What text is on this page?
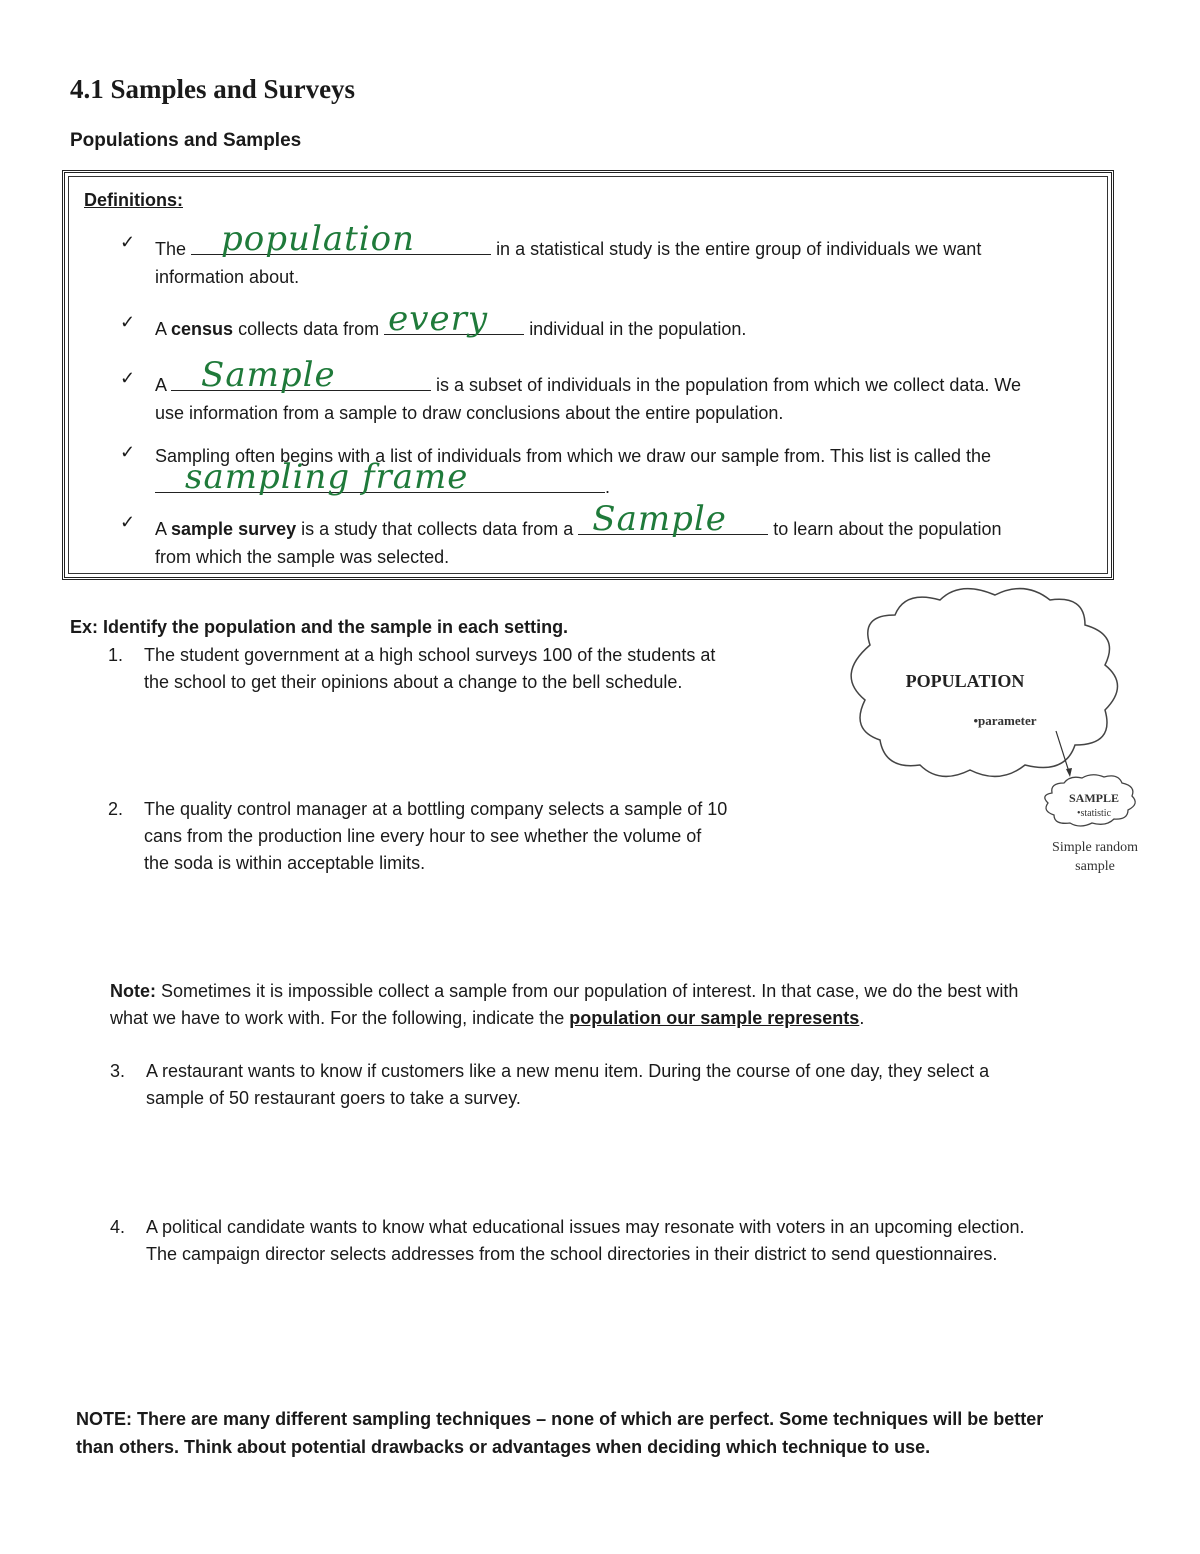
4.1 Samples and Surveys
Populations and Samples
Definitions:
✓ The population	in a statistical study is the entire group of individuals we want
information about.
✓ A census collects data from every individual in the population.
✓ A Sample	is a subset of individuals in the population from which we collect data. We
use information from a sample to draw conclusions about the entire population.
✓ Sampling often begins with a list of individuals from which we draw our sample from. This list is called the

sampling frame	.
✓ A sample survey is a study that collects data from a Sample	to learn about the population
from which the sample was selected.
Ex: Identify the population and the sample in each setting.
1. The student government at a high school surveys 100 of the students at
the school to get their opinions about a change to the bell schedule.
2. The quality control manager at a bottling company selects a sample of 10
cans from the production line every hour to see whether the volume of
the soda is within acceptable limits.
POPULATION
•parameter
SAMPLE
•statistic
Simple random
sample
Note: Sometimes it is impossible collect a sample from our population of interest. In that case, we do the best with
what we have to work with. For the following, indicate the population our sample represents.
3. A restaurant wants to know if customers like a new menu item. During the course of one day, they select a
sample of 50 restaurant goers to take a survey.
4. A political candidate wants to know what educational issues may resonate with voters in an upcoming election.
The campaign director selects addresses from the school directories in their district to send questionnaires.
NOTE: There are many different sampling techniques – none of which are perfect. Some techniques will be better
than others. Think about potential drawbacks or advantages when deciding which technique to use.
